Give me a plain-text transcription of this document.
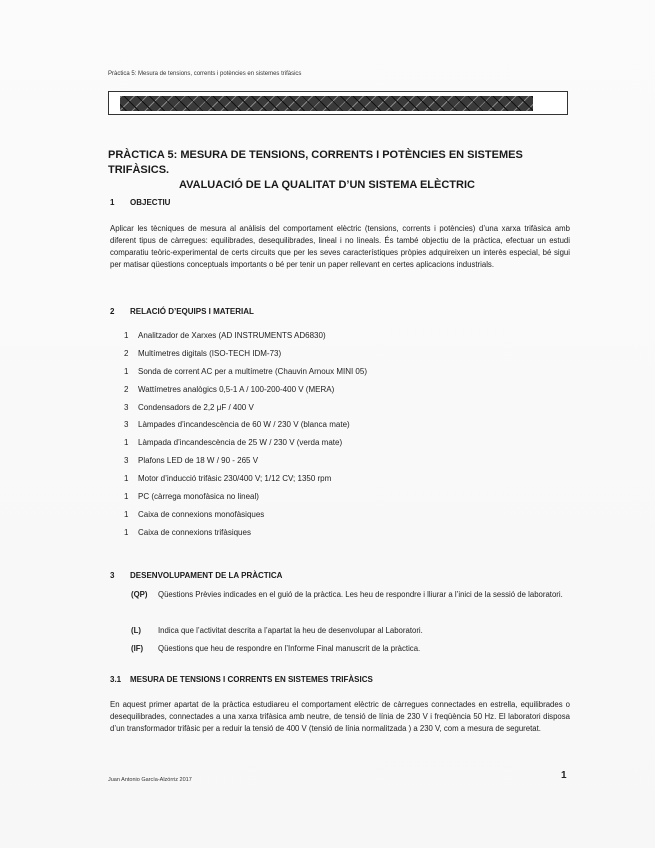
Pràctica 5: Mesura de tensions, corrents i potències en sistemes trifàsics
PRÀCTICA 5: MESURA DE TENSIONS, CORRENTS I POTÈNCIES EN SISTEMES TRIFÀSICS.
AVALUACIÓ DE LA QUALITAT D’UN SISTEMA ELÈCTRIC
1 OBJECTIU
Aplicar les tècniques de mesura al anàlisis del comportament elèctric (tensions, corrents i potències) d’una xarxa trifàsica amb diferent tipus de càrregues: equilibrades, desequilibrades, lineal i no lineals. És també objectiu de la pràctica, efectuar un estudi comparatiu teòric-experimental de certs circuits que per les seves característiques pròpies adquireixen un interès especial, bé sigui per matisar qüestions conceptuals importants o bé per tenir un paper rellevant en certes aplicacions industrials.
2 RELACIÓ D’EQUIPS I MATERIAL
1 Analitzador de Xarxes (AD INSTRUMENTS AD6830)
2 Multímetres digitals (ISO-TECH IDM-73)
1 Sonda de corrent AC per a multímetre (Chauvin Arnoux MINI 05)
2 Wattímetres analògics 0,5-1 A / 100-200-400 V (MERA)
3 Condensadors de 2,2 μF / 400 V
3 Làmpades d’incandescència de 60 W / 230 V (blanca mate)
1 Làmpada d’incandescència de 25 W / 230 V (verda mate)
3 Plafons LED de 18 W / 90 - 265 V
1 Motor d’inducció trifàsic 230/400 V; 1/12 CV; 1350 rpm
1 PC (càrrega monofàsica no lineal)
1 Caixa de connexions monofàsiques
1 Caixa de connexions trifàsiques
3 DESENVOLUPAMENT DE LA PRÀCTICA
(QP) Qüestions Prèvies indicades en el guió de la pràctica. Les heu de respondre i lliurar a l’inici de la sessió de laboratori.
(L) Indica que l’activitat descrita a l’apartat la heu de desenvolupar al Laboratori.
(IF) Qüestions que heu de respondre en l’Informe Final manuscrit de la pràctica.
3.1 MESURA DE TENSIONS I CORRENTS EN SISTEMES TRIFÀSICS
En aquest primer apartat de la pràctica estudiareu el comportament elèctric de càrregues connectades en estrella, equilibrades o desequilibrades, connectades a una xarxa trifàsica amb neutre, de tensió de línia de 230 V i freqüència 50 Hz. El laboratori disposa d’un transformador trifàsic per a reduir la tensió de 400 V (tensió de línia normalitzada ) a 230 V, com a mesura de seguretat.
Juan Antonio García-Alzórriz 2017	1
